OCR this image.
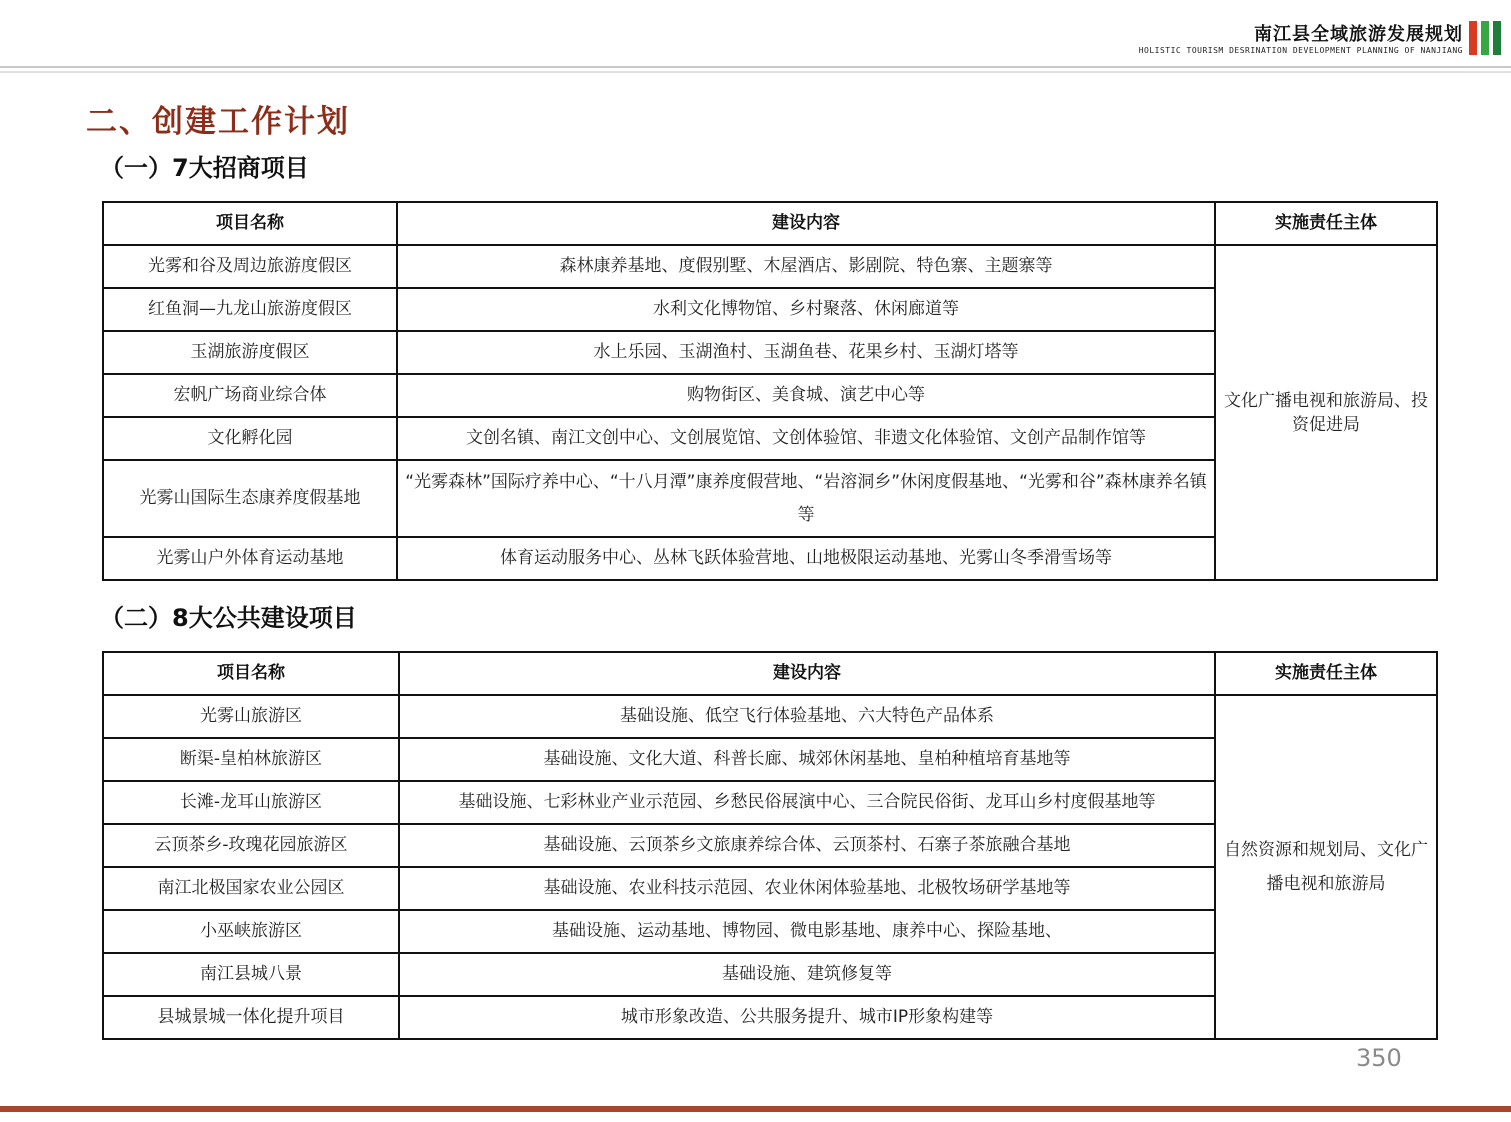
南江县全域旅游发展规划
HOLISTIC TOURISM DESRINATION DEVELOPMENT PLANNING OF NANJIANG
二、创建工作计划
（一）7大招商项目
项目名称	建设内容	实施责任主体
光雾和谷及周边旅游度假区	森林康养基地、度假别墅、木屋酒店、影剧院、特色寨、主题寨等	文化广播电视和旅游局、投资促进局
红鱼洞—九龙山旅游度假区	水利文化博物馆、乡村聚落、休闲廊道等	
玉湖旅游度假区	水上乐园、玉湖渔村、玉湖鱼巷、花果乡村、玉湖灯塔等	
宏帆广场商业综合体	购物街区、美食城、演艺中心等	
文化孵化园	文创名镇、南江文创中心、文创展览馆、文创体验馆、非遗文化体验馆、文创产品制作馆等	
光雾山国际生态康养度假基地	“光雾森林”国际疗养中心、“十八月潭”康养度假营地、“岩溶洞乡”休闲度假基地、“光雾和谷”森林康养名镇等	
光雾山户外体育运动基地	体育运动服务中心、丛林飞跃体验营地、山地极限运动基地、光雾山冬季滑雪场等	
（二）8大公共建设项目
项目名称	建设内容	实施责任主体
光雾山旅游区	基础设施、低空飞行体验基地、六大特色产品体系	自然资源和规划局、文化广播电视和旅游局
断渠-皇柏林旅游区	基础设施、文化大道、科普长廊、城郊休闲基地、皇柏种植培育基地等	
长滩-龙耳山旅游区	基础设施、七彩林业产业示范园、乡愁民俗展演中心、三合院民俗街、龙耳山乡村度假基地等	
云顶茶乡-玫瑰花园旅游区	基础设施、云顶茶乡文旅康养综合体、云顶茶村、石寨子茶旅融合基地	
南江北极国家农业公园区	基础设施、农业科技示范园、农业休闲体验基地、北极牧场研学基地等	
小巫峡旅游区	基础设施、运动基地、博物园、微电影基地、康养中心、探险基地、	
南江县城八景	基础设施、建筑修复等	
县城景城一体化提升项目	城市形象改造、公共服务提升、城市IP形象构建等	
350
